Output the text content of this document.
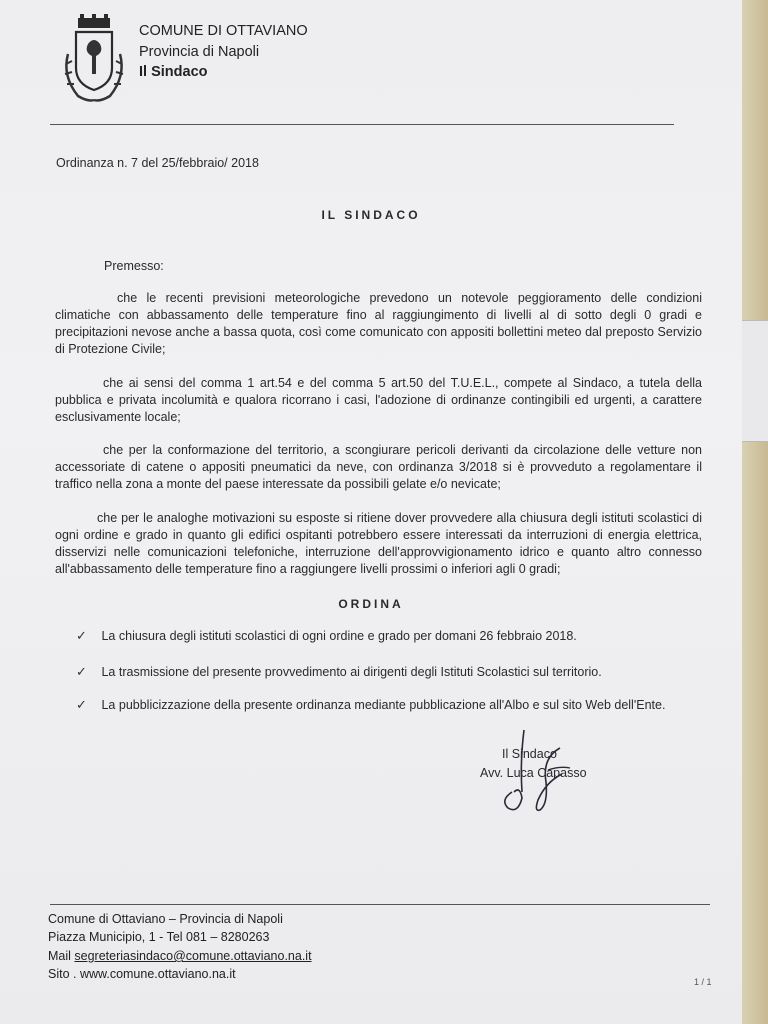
COMUNE DI OTTAVIANO
Provincia di Napoli
Il Sindaco
Ordinanza n. 7 del 25/febbraio/ 2018
IL SINDACO
Premesso:

che le recenti previsioni meteorologiche prevedono un notevole peggioramento delle condizioni climatiche con abbassamento delle temperature fino al raggiungimento di livelli al di sotto degli 0 gradi e precipitazioni nevose anche a bassa quota, così come comunicato con appositi bollettini meteo dal preposto Servizio di Protezione Civile;

che ai sensi del comma 1 art.54 e del comma 5 art.50 del T.U.E.L., compete al Sindaco, a tutela della pubblica e privata incolumità e qualora ricorrano i casi, l'adozione di ordinanze contingibili ed urgenti, a carattere esclusivamente locale;

che per la conformazione del territorio, a scongiurare pericoli derivanti da circolazione delle vetture non accessoriate di catene o appositi pneumatici da neve, con ordinanza 3/2018 si è provveduto a regolamentare il traffico nella zona a monte del paese interessate da possibili gelate e/o nevicate;

che per le analoghe motivazioni su esposte si ritiene dover provvedere alla chiusura degli istituti scolastici di ogni ordine e grado in quanto gli edifici ospitanti potrebbero essere interessati da interruzioni di energia elettrica, disservizi nelle comunicazioni telefoniche, interruzione dell'approvvigionamento idrico e quanto altro connesso all'abbassamento delle temperature fino a raggiungere livelli prossimi o inferiori agli 0 gradi;

ORDINA
✓ La chiusura degli istituti scolastici di ogni ordine e grado per domani 26 febbraio 2018.
✓ La trasmissione del presente provvedimento ai dirigenti degli Istituti Scolastici sul territorio.
✓ La pubblicizzazione della presente ordinanza mediante pubblicazione all'Albo e sul sito Web dell'Ente.
Il Sindaco
Avv. Luca Capasso
Comune di Ottaviano – Provincia di Napoli
Piazza Municipio, 1 - Tel 081 – 8280263
Mail segreteriasindaco@comune.ottaviano.na.it
Sito . www.comune.ottaviano.na.it
1 / 1
